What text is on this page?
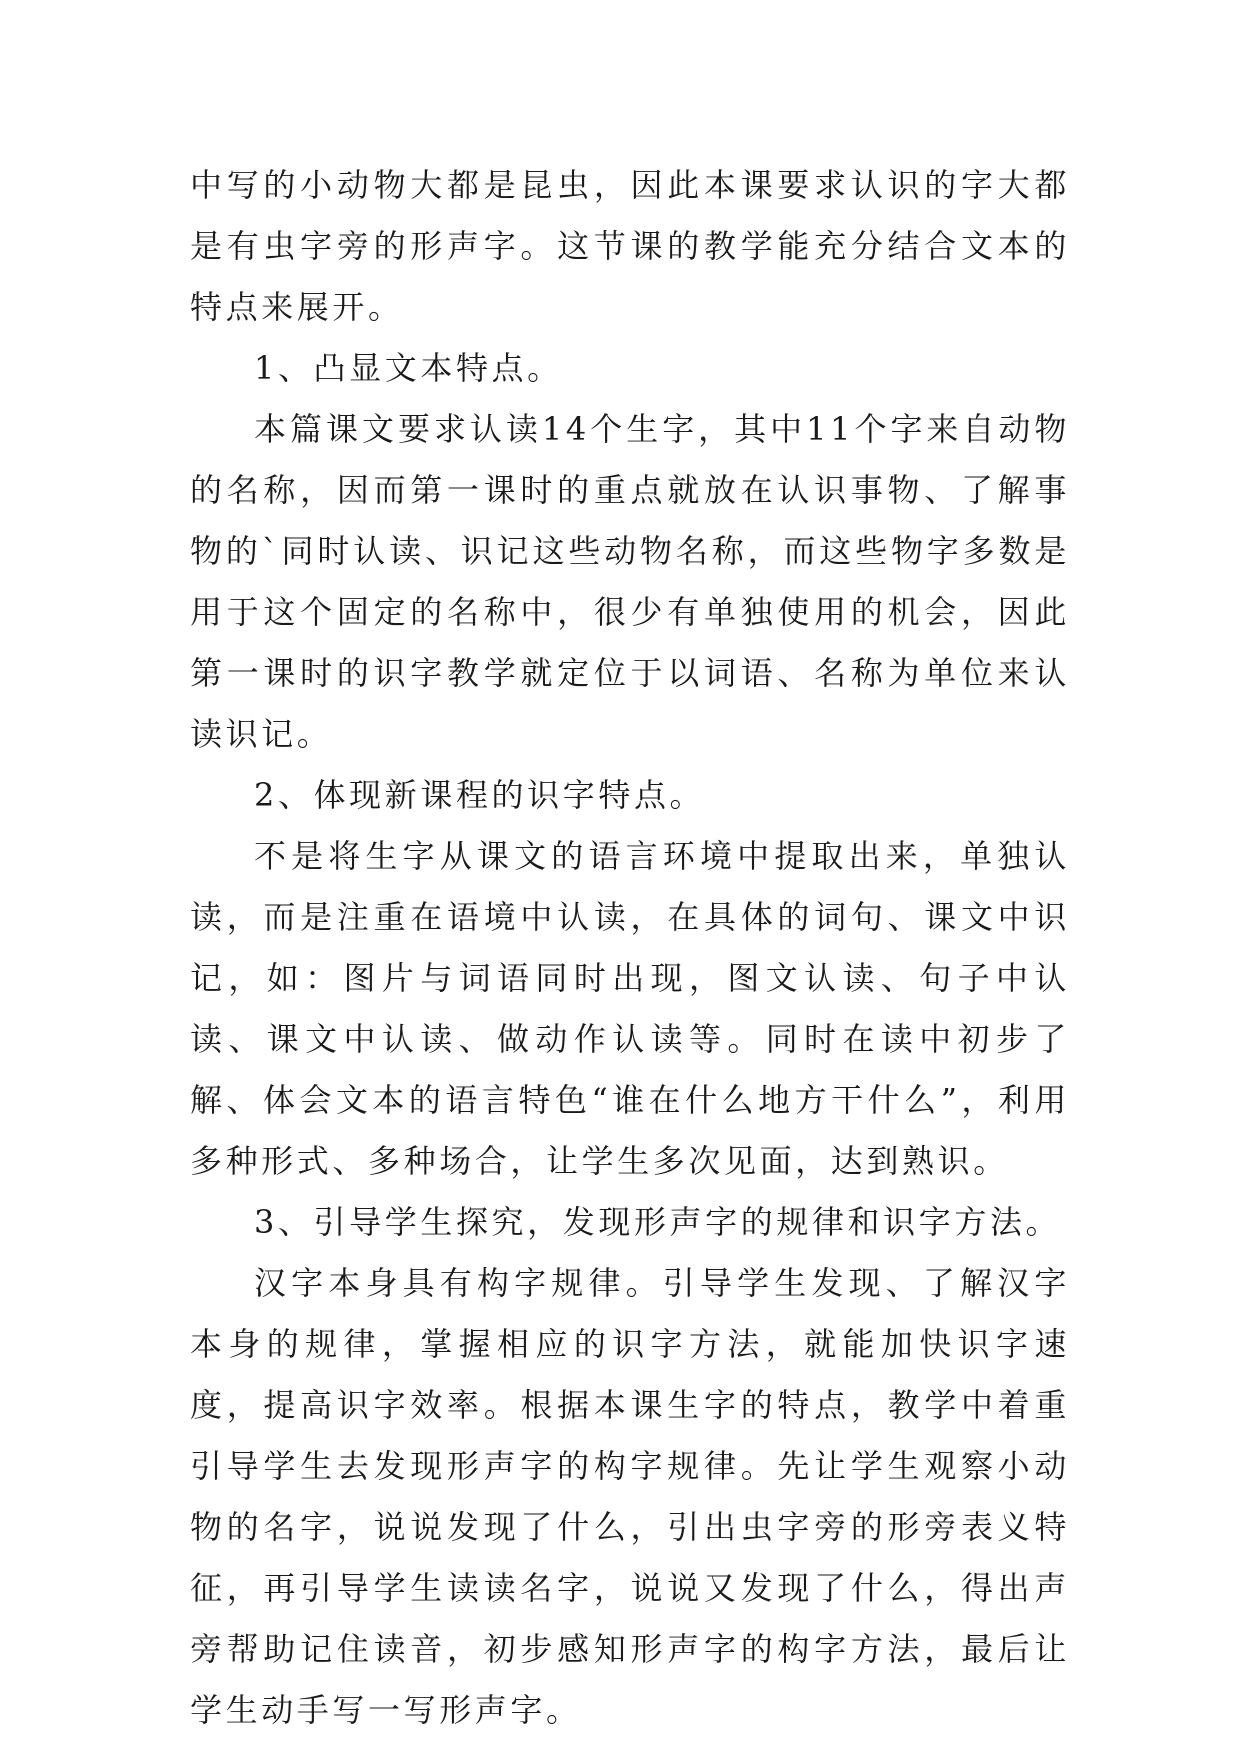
中写的小动物大都是昆虫，因此本课要求认识的字大都是有虫字旁的形声字。这节课的教学能充分结合文本的特点来展开。

1、凸显文本特点。

本篇课文要求认读14个生字，其中11个字来自动物的名称，因而第一课时的重点就放在认识事物、了解事物的`同时认读、识记这些动物名称，而这些物字多数是用于这个固定的名称中，很少有单独使用的机会，因此第一课时的识字教学就定位于以词语、名称为单位来认读识记。

2、体现新课程的识字特点。

不是将生字从课文的语言环境中提取出来，单独认读，而是注重在语境中认读，在具体的词句、课文中识记，如：图片与词语同时出现，图文认读、句子中认读、课文中认读、做动作认读等。同时在读中初步了解、体会文本的语言特色“谁在什么地方干什么”，利用多种形式、多种场合，让学生多次见面，达到熟识。

3、引导学生探究，发现形声字的规律和识字方法。

汉字本身具有构字规律。引导学生发现、了解汉字本身的规律，掌握相应的识字方法，就能加快识字速度，提高识字效率。根据本课生字的特点，教学中着重引导学生去发现形声字的构字规律。先让学生观察小动物的名字，说说发现了什么，引出虫字旁的形旁表义特征，再引导学生读读名字，说说又发现了什么，得出声旁帮助记住读音，初步感知形声字的构字方法，最后让学生动手写一写形声字。
